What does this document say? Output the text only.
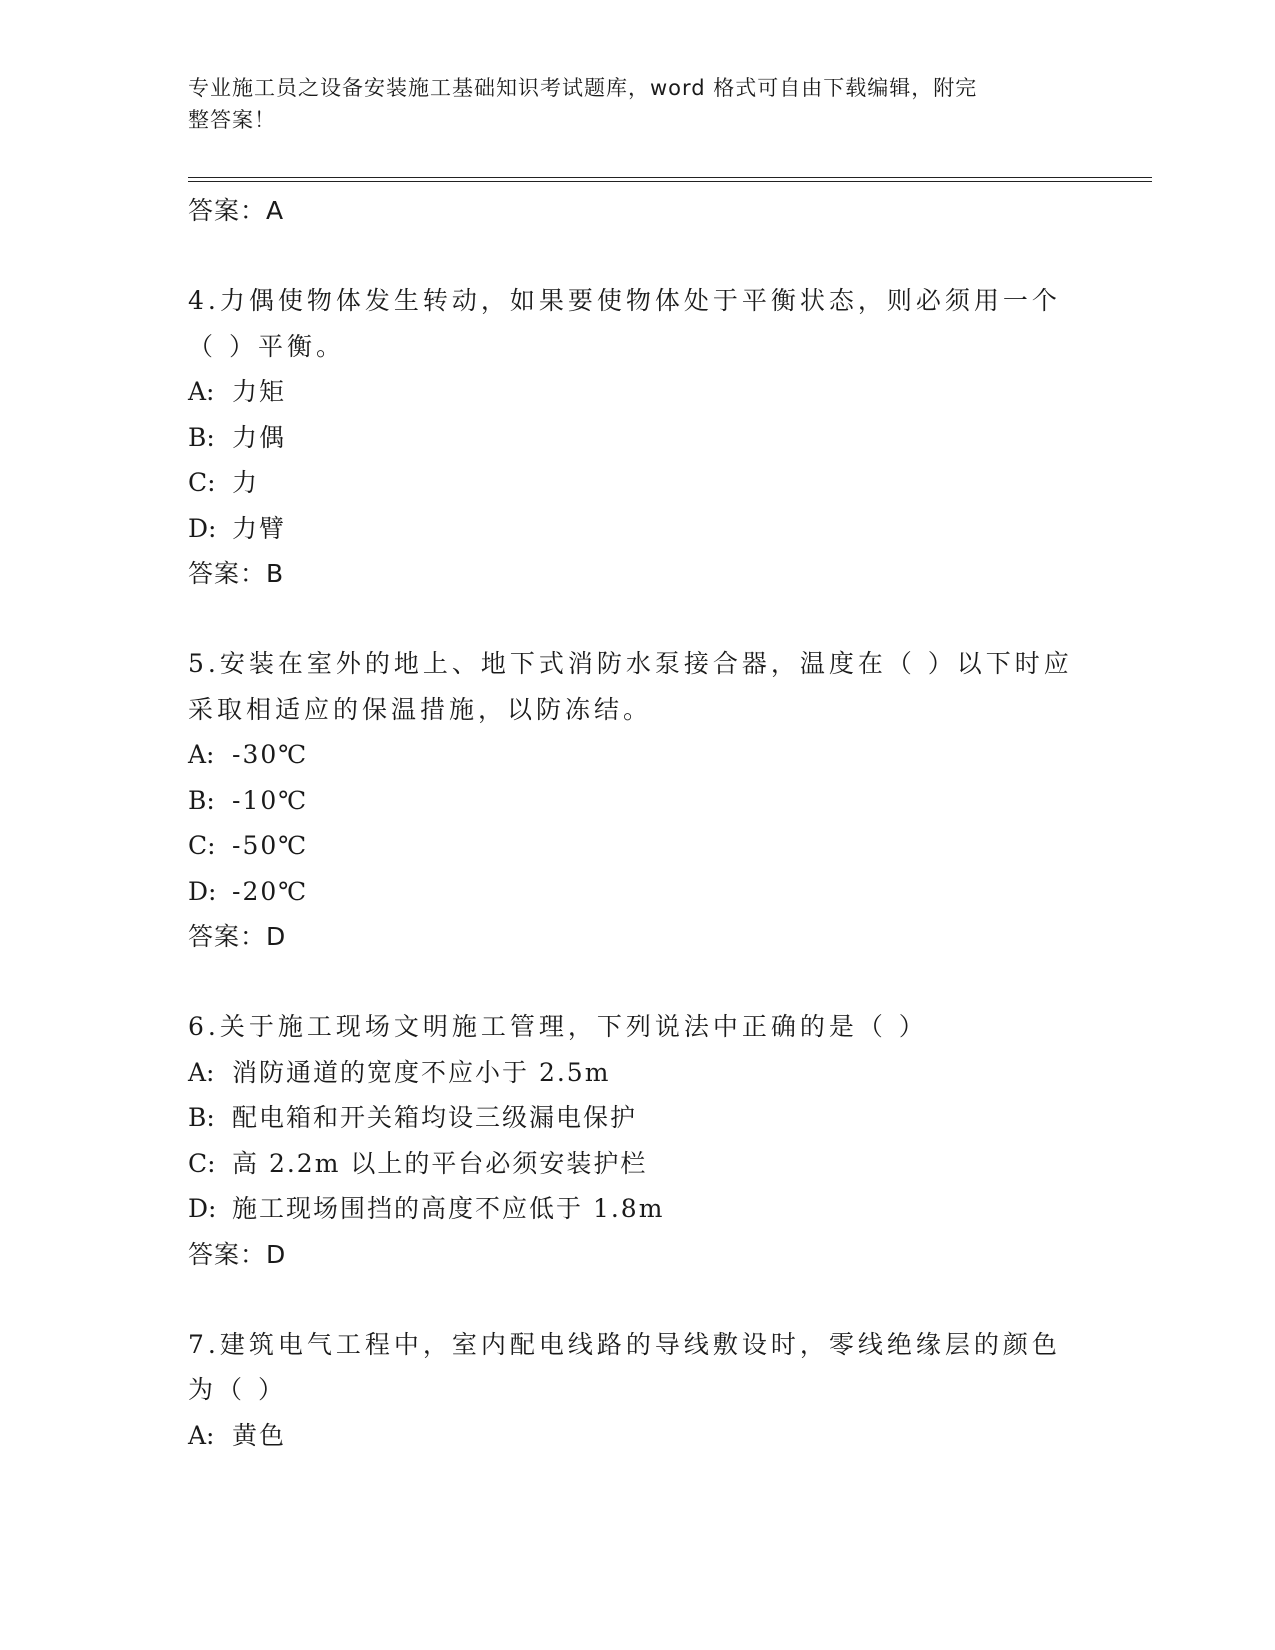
专业施工员之设备安装施工基础知识考试题库，word 格式可自由下载编辑，附完
整答案！
答案：A
4.力偶使物体发生转动，如果要使物体处于平衡状态，则必须用一个
（ ）平衡。
A: 力矩
B: 力偶
C: 力
D: 力臂
答案：B
5.安装在室外的地上、地下式消防水泵接合器，温度在（ ）以下时应
采取相适应的保温措施，以防冻结。
A: -30℃
B: -10℃
C: -50℃
D: -20℃
答案：D
6.关于施工现场文明施工管理，下列说法中正确的是（ ）
A: 消防通道的宽度不应小于 2.5m
B: 配电箱和开关箱均设三级漏电保护
C: 高 2.2m 以上的平台必须安装护栏
D: 施工现场围挡的高度不应低于 1.8m
答案：D
7.建筑电气工程中，室内配电线路的导线敷设时，零线绝缘层的颜色
为（ ）
A: 黄色
